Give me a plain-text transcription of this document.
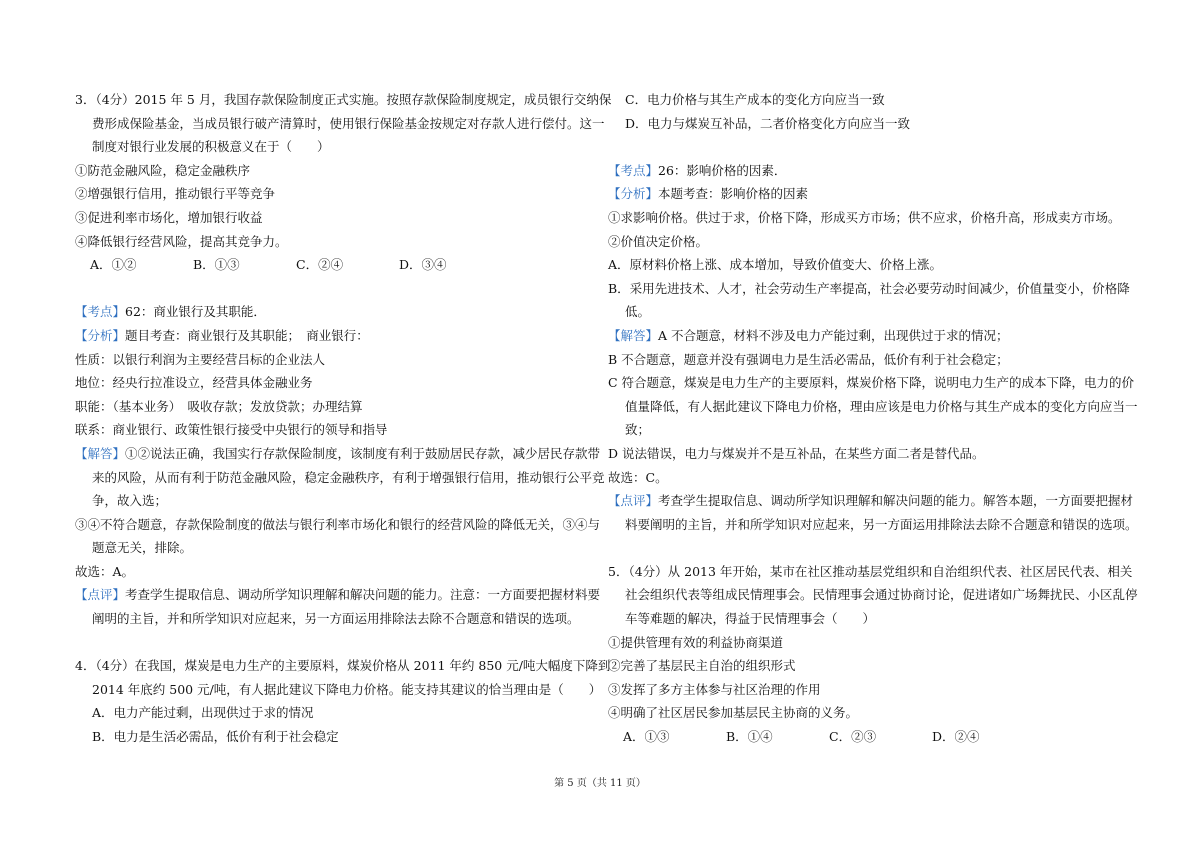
3．（4分）2015 年 5 月，我国存款保险制度正式实施。按照存款保险制度规定，成员银行交纳保
费形成保险基金，当成员银行破产清算时，使用银行保险基金按规定对存款人进行偿付。这一
制度对银行业发展的积极意义在于（　　）
①防范金融风险，稳定金融秩序
②增强银行信用，推动银行平等竞争
③促进利率市场化，增加银行收益
④降低银行经营风险，提高其竞争力。
A．①②	B．①③	C．②④	D．③④
【考点】62：商业银行及其职能．
【分析】题目考查：商业银行及其职能；　商业银行：
性质：以银行利润为主要经营吕标的企业法人
地位：经央行拉准设立，经营具体金融业务
职能：（基本业务）　吸收存款；发放贷款；办理结算
联系：商业银行、政策性银行接受中央银行的领导和指导
【解答】①②说法正确，我国实行存款保险制度，该制度有利于鼓励居民存款，减少居民存款带
来的风险，从而有利于防范金融风险，稳定金融秩序，有利于增强银行信用，推动银行公平竞
争，故入选；
③④不符合题意，存款保险制度的做法与银行利率市场化和银行的经营风险的降低无关，③④与
题意无关，排除。
故选：A。
【点评】考查学生提取信息、调动所学知识理解和解决问题的能力。注意：一方面要把握材料要
阐明的主旨，并和所学知识对应起来，另一方面运用排除法去除不合题意和错误的选项。
4．（4分）在我国，煤炭是电力生产的主要原料，煤炭价格从 2011 年约 850 元/吨大幅度下降到
2014 年底约 500 元/吨，有人据此建议下降电力价格。能支持其建议的恰当理由是（　　）
A．电力产能过剩，出现供过于求的情况
B．电力是生活必需品，低价有利于社会稳定
C．电力价格与其生产成本的变化方向应当一致
D．电力与煤炭互补品，二者价格变化方向应当一致
【考点】26：影响价格的因素．
【分析】本题考查：影响价格的因素
①求影响价格。供过于求，价格下降，形成买方市场；供不应求，价格升高，形成卖方市场。
②价值决定价格。
A．原材料价格上涨、成本增加，导致价值变大、价格上涨。
B．采用先进技术、人才，社会劳动生产率提高，社会必要劳动时间减少，价值量变小，价格降
低。
【解答】A 不合题意，材料不涉及电力产能过剩，出现供过于求的情况；
B 不合题意，题意并没有强调电力是生活必需品，低价有利于社会稳定；
C 符合题意，煤炭是电力生产的主要原料，煤炭价格下降，说明电力生产的成本下降，电力的价
值量降低，有人据此建议下降电力价格，理由应该是电力价格与其生产成本的变化方向应当一
致；
D 说法错误，电力与煤炭并不是互补品，在某些方面二者是替代品。
故选：C。
【点评】考查学生提取信息、调动所学知识理解和解决问题的能力。解答本题，一方面要把握材
料要阐明的主旨，并和所学知识对应起来，另一方面运用排除法去除不合题意和错误的选项。
5．（4分）从 2013 年开始，某市在社区推动基层党组织和自治组织代表、社区居民代表、相关
社会组织代表等组成民情理事会。民情理事会通过协商讨论，促进诸如广场舞扰民、小区乱停
车等难题的解决，得益于民情理事会（　　）
①提供管理有效的利益协商渠道
②完善了基层民主自治的组织形式
③发挥了多方主体参与社区治理的作用
④明确了社区居民参加基层民主协商的义务。
A．①③	B．①④	C．②③	D．②④
第 5 页（共 11 页）
